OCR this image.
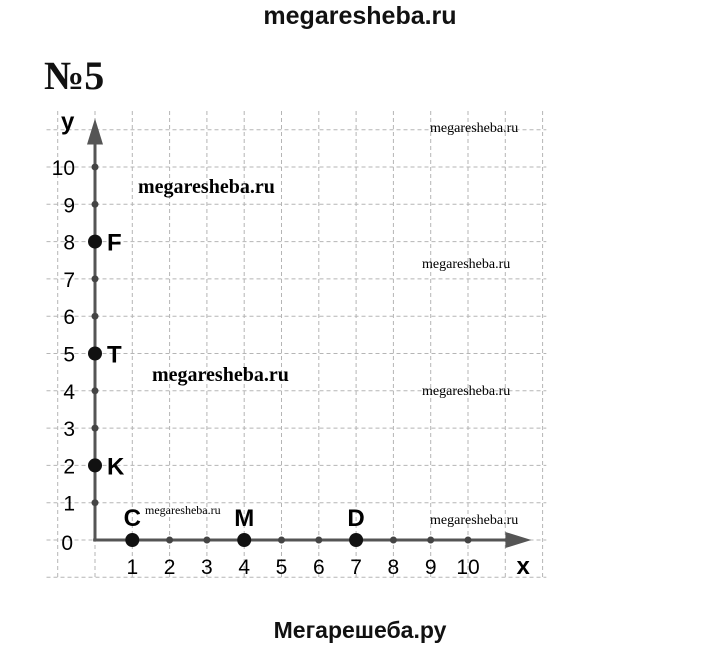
megaresheba.ru
№5
x
y
0
1 2 3 4 5 6 7 8 9 10
1
2
3
4
5
6
7
8
9
10
C	M	D
K
T
F
megaresheba.ru
megaresheba.ru
megaresheba.ru
megaresheba.ru
megaresheba.ru
megaresheba.ru
megaresheba.ru
Мегарешеба.ру
